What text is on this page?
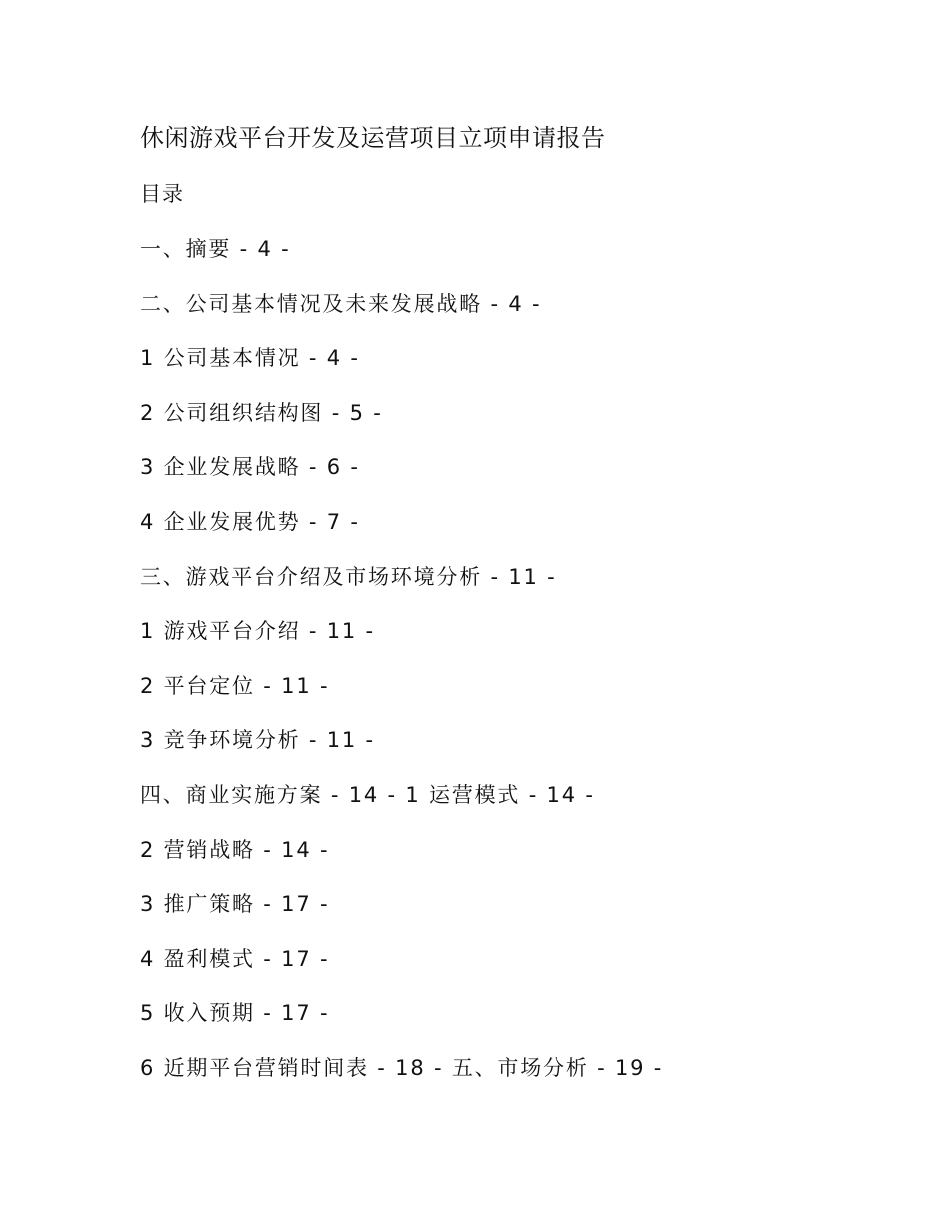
休闲游戏平台开发及运营项目立项申请报告
目录
一、摘要 - 4 -
二、公司基本情况及未来发展战略 - 4 -
1 公司基本情况 - 4 -
2 公司组织结构图 - 5 -
3 企业发展战略 - 6 -
4 企业发展优势 - 7 -
三、游戏平台介绍及市场环境分析 - 11 -
1 游戏平台介绍 - 11 -
2 平台定位 - 11 -
3 竞争环境分析 - 11 -
四、商业实施方案 - 14 - 1 运营模式 - 14 -
2 营销战略 - 14 -
3 推广策略 - 17 -
4 盈利模式 - 17 -
5 收入预期 - 17 -
6 近期平台营销时间表 - 18 - 五、市场分析 - 19 -
